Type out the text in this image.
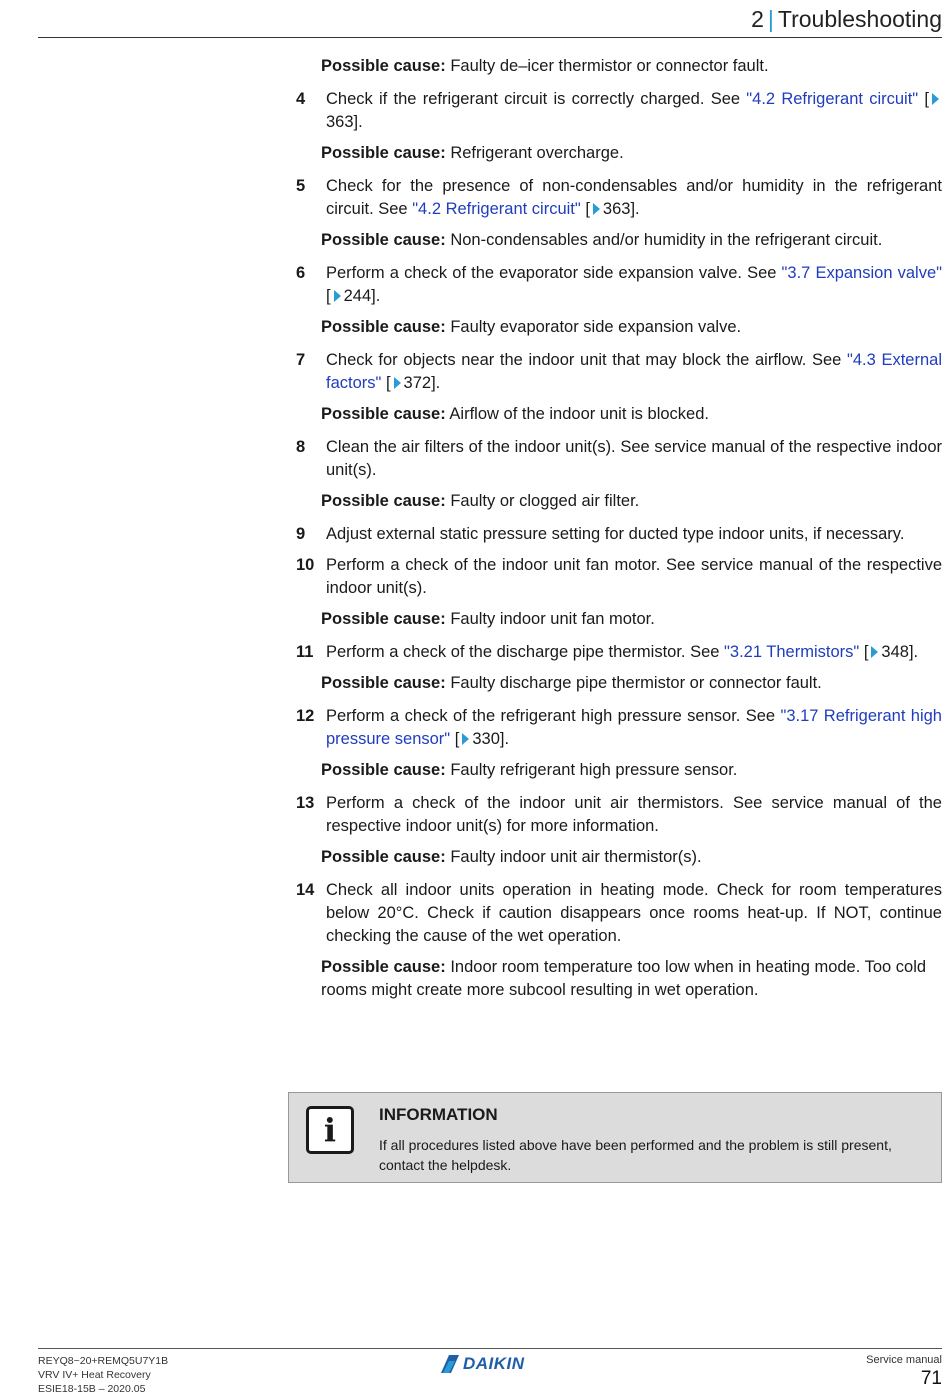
2 | Troubleshooting

Possible cause: Faulty de–icer thermistor or connector fault.

4	Check if the refrigerant circuit is correctly charged. See "4.2 Refrigerant circuit" [363].

Possible cause: Refrigerant overcharge.

5	Check for the presence of non-condensables and/or humidity in the refrigerant circuit. See "4.2 Refrigerant circuit" [ 363].

Possible cause: Non-condensables and/or humidity in the refrigerant circuit.

6	Perform a check of the evaporator side expansion valve. See "3.7 Expansion valve" [ 244].

Possible cause: Faulty evaporator side expansion valve.

7	Check for objects near the indoor unit that may block the airflow. See "4.3 External factors" [ 372].

Possible cause: Airflow of the indoor unit is blocked.

8	Clean the air filters of the indoor unit(s). See service manual of the respective indoor unit(s).

Possible cause: Faulty or clogged air filter.

9	Adjust external static pressure setting for ducted type indoor units, if necessary.
10 Perform a check of the indoor unit fan motor. See service manual of the respective indoor unit(s).

Possible cause: Faulty indoor unit fan motor.

11 Perform a check of the discharge pipe thermistor. See "3.21 Thermistors" [ 348].

Possible cause: Faulty discharge pipe thermistor or connector fault.

12 Perform a check of the refrigerant high pressure sensor. See "3.17 Refrigerant high pressure sensor" [ 330].

Possible cause: Faulty refrigerant high pressure sensor.

13 Perform a check of the indoor unit air thermistors. See service manual of the respective indoor unit(s) for more information.

Possible cause: Faulty indoor unit air thermistor(s).

14 Check all indoor units operation in heating mode. Check for room temperatures below 20°C. Check if caution disappears once rooms heat-up. If NOT, continue checking the cause of the wet operation.

Possible cause: Indoor room temperature too low when in heating mode. Too cold rooms might create more subcool resulting in wet operation.

i	INFORMATION
If all procedures listed above have been performed and the problem is still present, contact the helpdesk.
REYQ8~20+REMQ5U7Y1B
VRV IV+ Heat Recovery
ESIE18-15B – 2020.05
DAIKIN	Service manual
71
